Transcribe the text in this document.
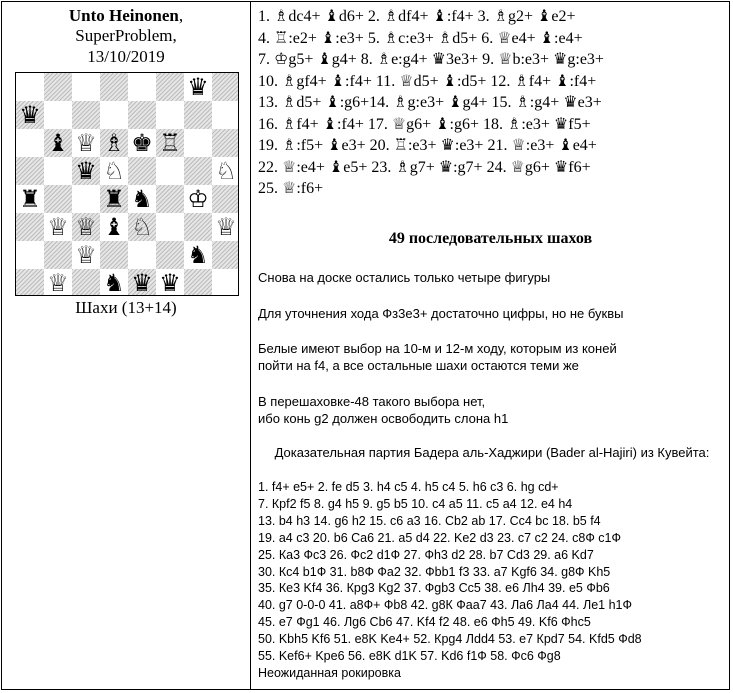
Unto Heinonen,
SuperProblem,
13/10/2019
♛
♛
♝ ♕ ♗ ♚ ♖
♛ ♘	♘
♜	♜ ♞ ♔
♕ ♕ ♝ ♘	♕
♕	♞
♕ ♞ ♛ ♛
Шахи (13+14)
1. ♗dc4+ ♝d6+ 2. ♗df4+ ♝:f4+ 3. ♗g2+ ♝e2+
4. ♖:e2+ ♝:e3+ 5. ♗c:e3+ ♗d5+ 6. ♕e4+ ♝:e4+
7. ♔g5+ ♝g4+ 8. ♗e:g4+ ♛3e3+ 9. ♕b:e3+ ♛g:e3+
10. ♗gf4+ ♝:f4+ 11. ♕d5+ ♝:d5+ 12. ♗f4+ ♝:f4+
13. ♗d5+ ♝:g6+14. ♗g:e3+ ♝g4+ 15. ♗:g4+ ♛e3+
16. ♗f4+ ♝:f4+ 17. ♕g6+ ♝:g6+ 18. ♗:e3+ ♛f5+
19. ♗:f5+ ♝e3+ 20. ♖:e3+ ♛:e3+ 21. ♕:e3+ ♝e4+
22. ♕:e4+ ♝e5+ 23. ♗g7+ ♛:g7+ 24. ♕g6+ ♛f6+
25. ♕:f6+
49 последовательных шахов
Снова на доске остались только четыре фигуры
Для уточнения хода Фз3е3+ достаточно цифры, но не буквы
Белые имеют выбор на 10-м и 12-м ходу, которым из коней
пойти на f4, а все остальные шахи остаются теми же
В перешаховке-48 такого выбора нет,
ибо конь g2 должен освободить слона h1
Доказательная партия Бадера аль-Хаджири (Bader al-Hajiri) из Кувейта:
1. f4+ e5+ 2. fe d5 3. h4 c5 4. h5 c4 5. h6 c3 6. hg cd+
7. Крf2 f5 8. g4 h5 9. g5 b5 10. c4 a5 11. c5 a4 12. e4 h4
13. b4 h3 14. g6 h2 15. c6 a3 16. Cb2 ab 17. Cc4 bc 18. b5 f4
19. a4 c3 20. b6 Ca6 21. a5 d4 22. Ke2 d3 23. c7 c2 24. c8Ф c1Ф
25. Ка3 Фс3 26. Фс2 d1Ф 27. Фh3 d2 28. b7 Cd3 29. a6 Kd7
30. Кс4 b1Ф 31. b8Ф Фа2 32. Фbb1 f3 33. a7 Kgf6 34. g8Ф Kh5
35. Ке3 Kf4 36. Крg3 Kg2 37. Фgb3 Cc5 38. e6 Лh4 39. e5 Фb6
40. g7 0-0-0 41. a8Ф+ Фb8 42. g8К Фаа7 43. Ла6 Ла4 44. Ле1 h1Ф
45. e7 Фg1 46. Лg6 Cb6 47. Kf4 f2 48. e6 Фh5 49. Kf6 Фhc5
50. Kbh5 Kf6 51. e8K Ke4+ 52. Крg4 Лdd4 53. e7 Крd7 54. Kfd5 Фd8
55. Kef6+ Kpe6 56. e8K d1K 57. Kd6 f1Ф 58. Фc6 Фg8
Неожиданная рокировка
